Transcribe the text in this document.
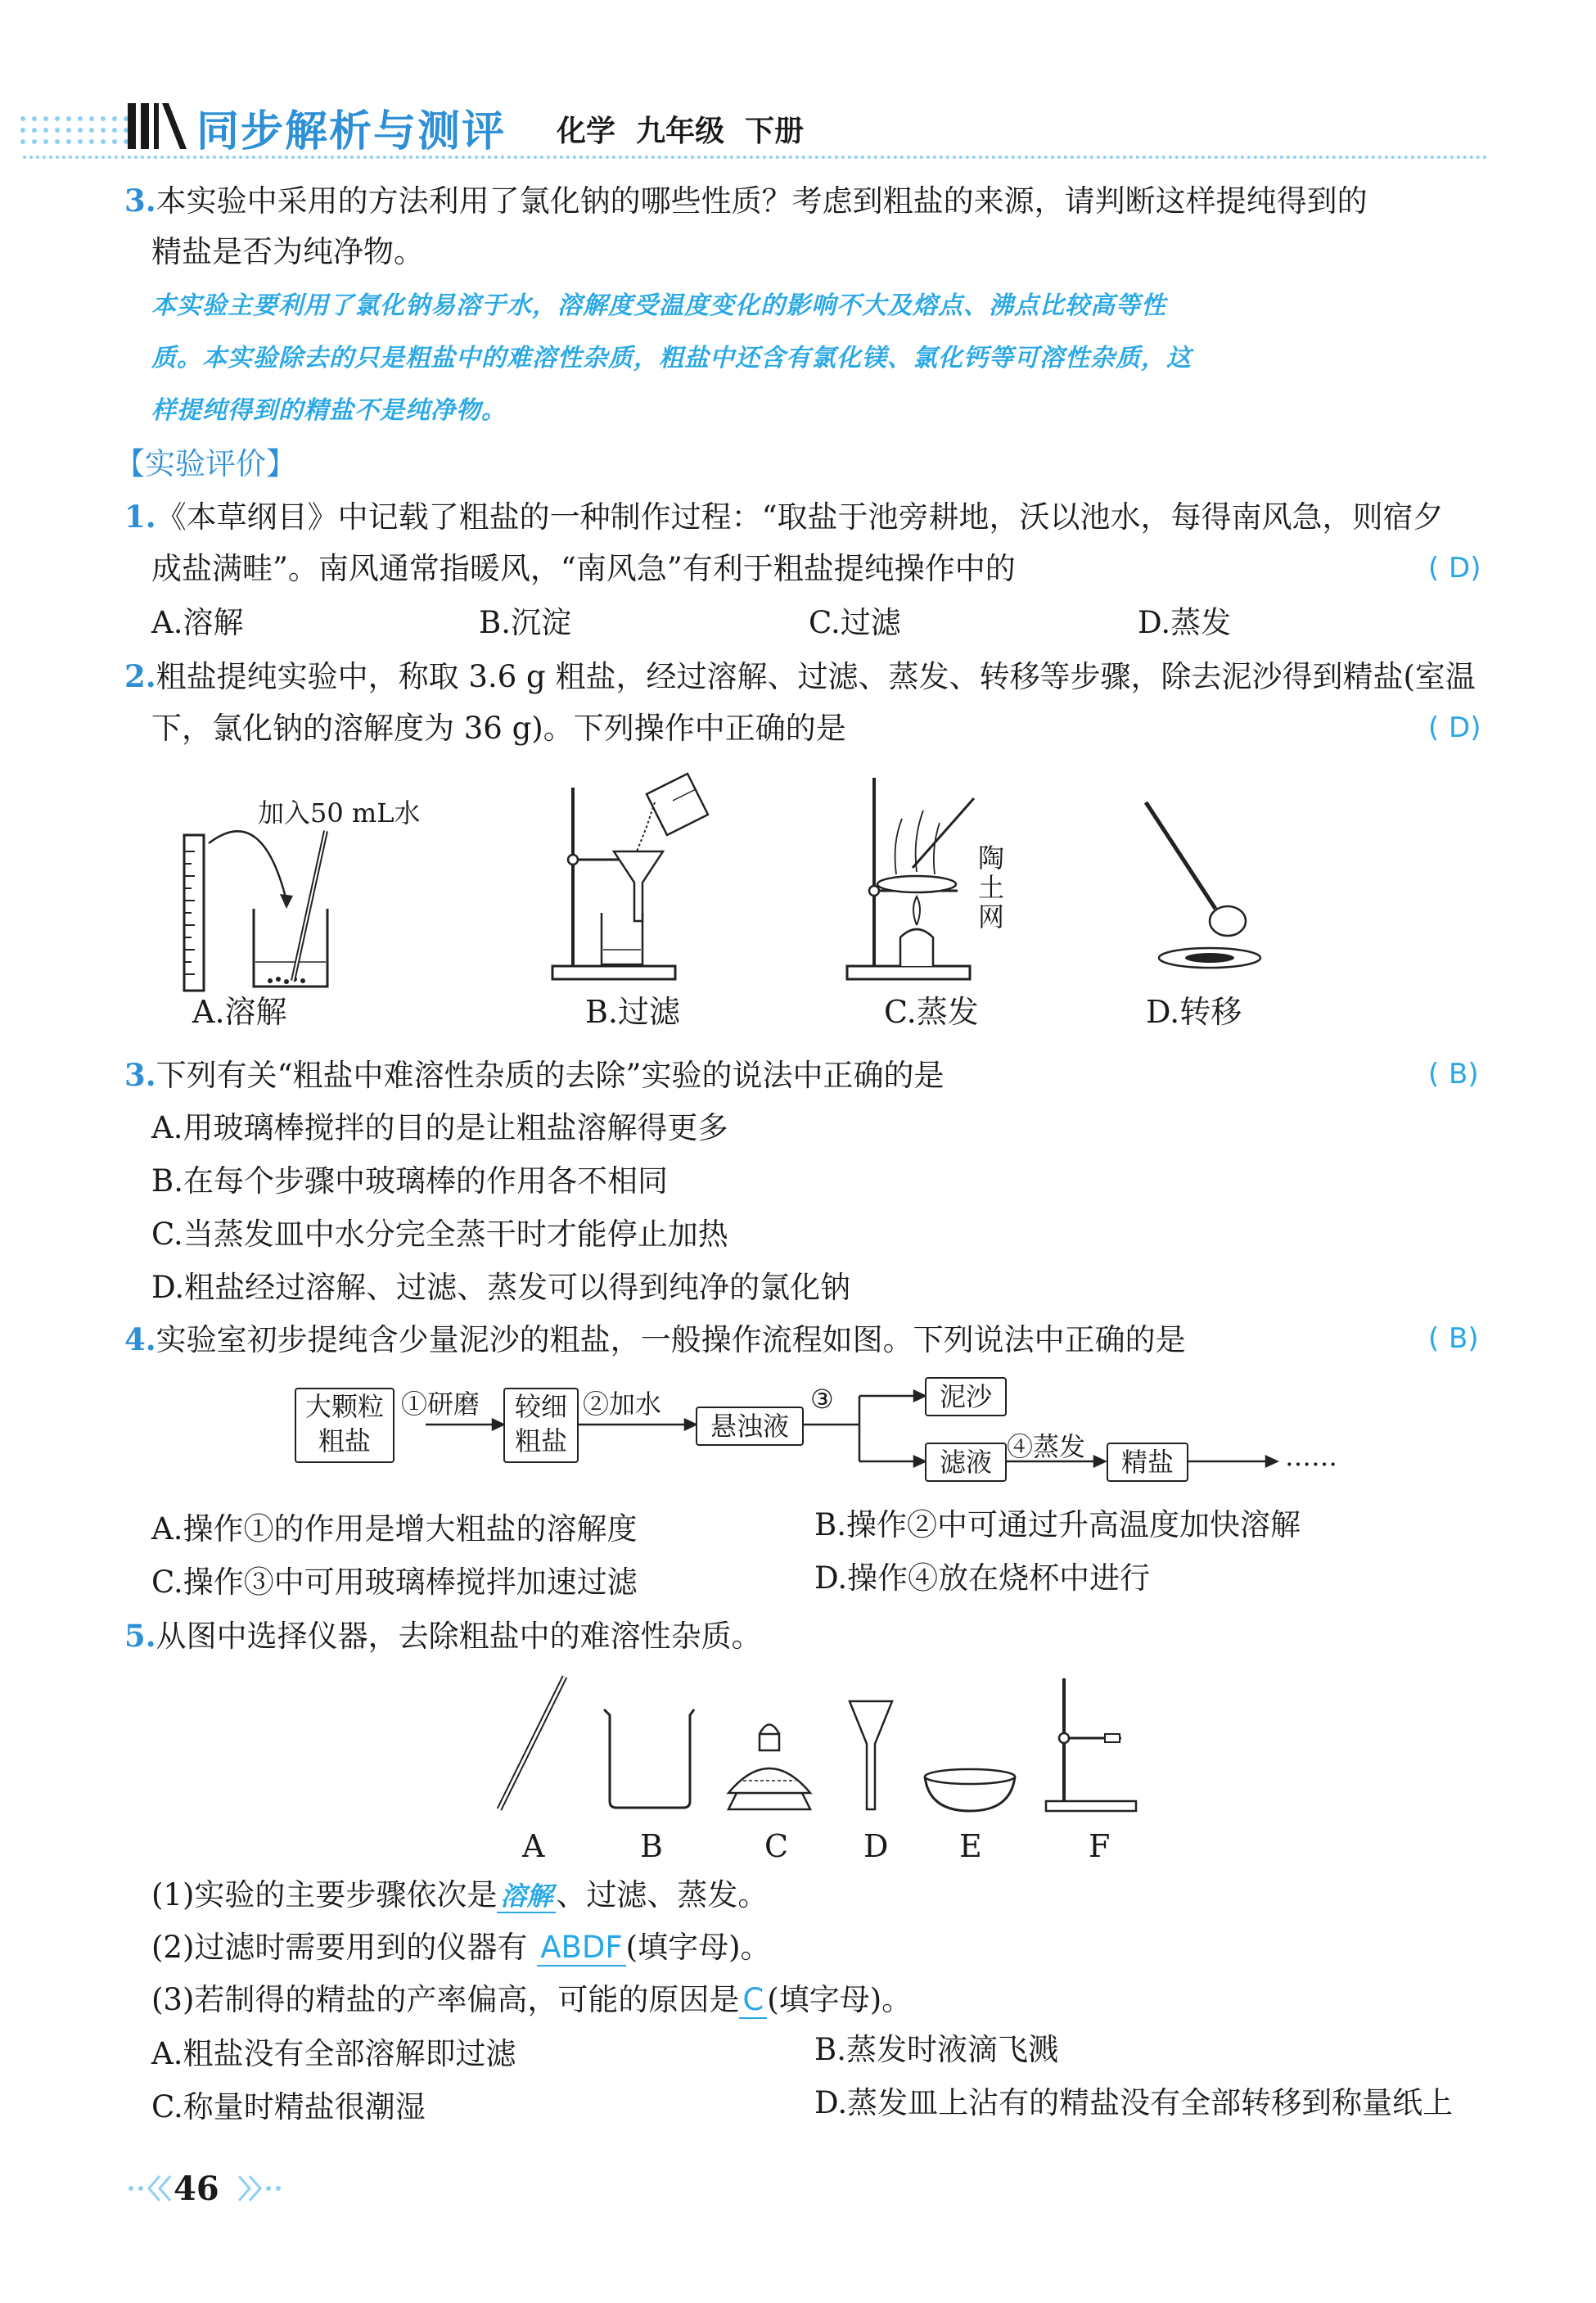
同步解析与测评 化学  九年级  下册
3.本实验中采用的方法利用了氯化钠的哪些性质？考虑到粗盐的来源，请判断这样提纯得到的
精盐是否为纯净物。
本实验主要利用了氯化钠易溶于水，溶解度受温度变化的影响不大及熔点、沸点比较高等性
质。本实验除去的只是粗盐中的难溶性杂质，粗盐中还含有氯化镁、氯化钙等可溶性杂质，这
样提纯得到的精盐不是纯净物。
【实验评价】
1.《本草纲目》中记载了粗盐的一种制作过程：“取盐于池旁耕地，沃以池水，每得南风急，则宿夕
成盐满畦”。南风通常指暖风，“南风急”有利于粗盐提纯操作中的	( D)
A.溶解	B.沉淀	C.过滤	D.蒸发
2.粗盐提纯实验中，称取 3.6 g 粗盐，经过溶解、过滤、蒸发、转移等步骤，除去泥沙得到精盐(室温
下，氯化钠的溶解度为 36 g)。下列操作中正确的是	( D)
加入50 mL水
A.溶解	B.过滤
陶
土
网
C.蒸发	D.转移
3.下列有关“粗盐中难溶性杂质的去除”实验的说法中正确的是	( B)
A.用玻璃棒搅拌的目的是让粗盐溶解得更多
B.在每个步骤中玻璃棒的作用各不相同
C.当蒸发皿中水分完全蒸干时才能停止加热
D.粗盐经过溶解、过滤、蒸发可以得到纯净的氯化钠
4.实验室初步提纯含少量泥沙的粗盐，一般操作流程如图。下列说法中正确的是	( B)
大颗粒
粗盐
①研磨	较细
粗盐
②加水
悬浊液
③	泥沙
滤液 ④蒸发	精盐	……
A.操作①的作用是增大粗盐的溶解度	B.操作②中可通过升高温度加快溶解
C.操作③中可用玻璃棒搅拌加速过滤	D.操作④放在烧杯中进行
5.从图中选择仪器，去除粗盐中的难溶性杂质。
A	B	C D E	F
(1)实验的主要步骤依次是 溶解 、过滤、蒸发。
(2)过滤时需要用到的仪器有 ABDF (填字母)。
(3)若制得的精盐的产率偏高，可能的原因是 C (填字母)。
A.粗盐没有全部溶解即过滤	B.蒸发时液滴飞溅
C.称量时精盐很潮湿	D.蒸发皿上沾有的精盐没有全部转移到称量纸上
46
